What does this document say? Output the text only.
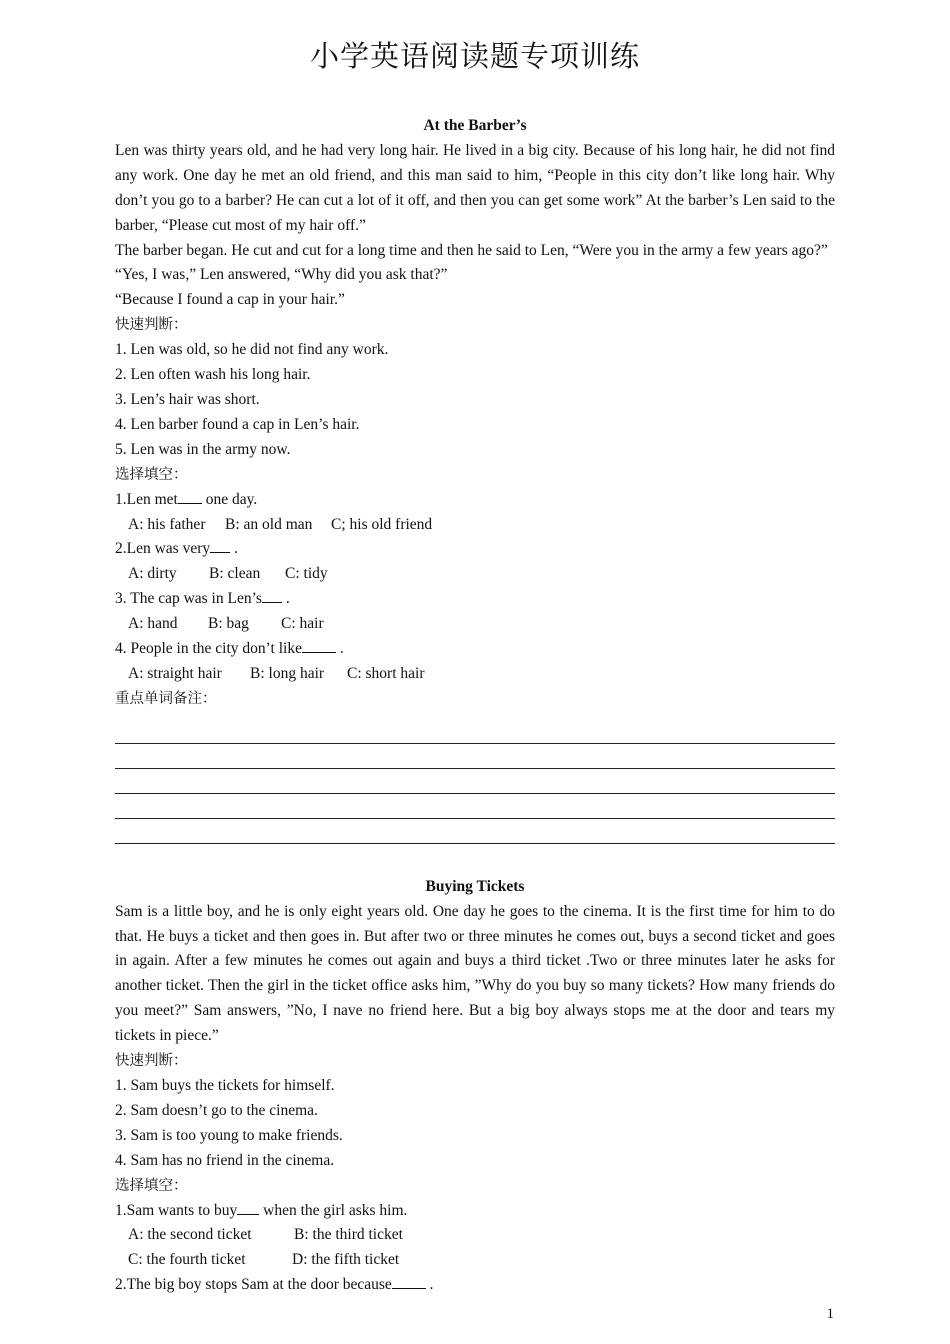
小学英语阅读题专项训练
At the Barber’s
Len was thirty years old, and he had very long hair. He lived in a big city. Because of his long hair, he did not find any work. One day he met an old friend, and this man said to him, “People in this city don’t like long hair. Why don’t you go to a barber? He can cut a lot of it off, and then you can get some work” At the barber’s Len said to the barber, “Please cut most of my hair off.”
The barber began. He cut and cut for a long time and then he said to Len, “Were you in the army a few years ago?”
“Yes, I was,” Len answered, “Why did you ask that?”
“Because I found a cap in your hair.”
快速判断：
1. Len was old, so he did not find any work.
2. Len often wash his long hair.
3. Len’s hair was short.
4. Len barber found a cap in Len’s hair.
5. Len was in the army now.
选择填空：
1.Len met one day.
A: his father B: an old man C; his old friend
2.Len was very .
A: dirty B: clean C: tidy
3. The cap was in Len’s .
A: hand B: bag C: hair
4. People in the city don’t like .
A: straight hair B: long hair C: short hair
重点单词备注：
Buying Tickets
Sam is a little boy, and he is only eight years old. One day he goes to the cinema. It is the first time for him to do that. He buys a ticket and then goes in. But after two or three minutes he comes out, buys a second ticket and goes in again. After a few minutes he comes out again and buys a third ticket .Two or three minutes later he asks for another ticket. Then the girl in the ticket office asks him, ”Why do you buy so many tickets? How many friends do you meet?” Sam answers, ”No, I nave no friend here. But a big boy always stops me at the door and tears my tickets in piece.”
快速判断：
1. Sam buys the tickets for himself.
2. Sam doesn’t go to the cinema.
3. Sam is too young to make friends.
4. Sam has no friend in the cinema.
选择填空：
1.Sam wants to buy when the girl asks him.
A: the second ticket	B: the third ticket
C: the fourth ticket	D: the fifth ticket
2.The big boy stops Sam at the door because .
1
